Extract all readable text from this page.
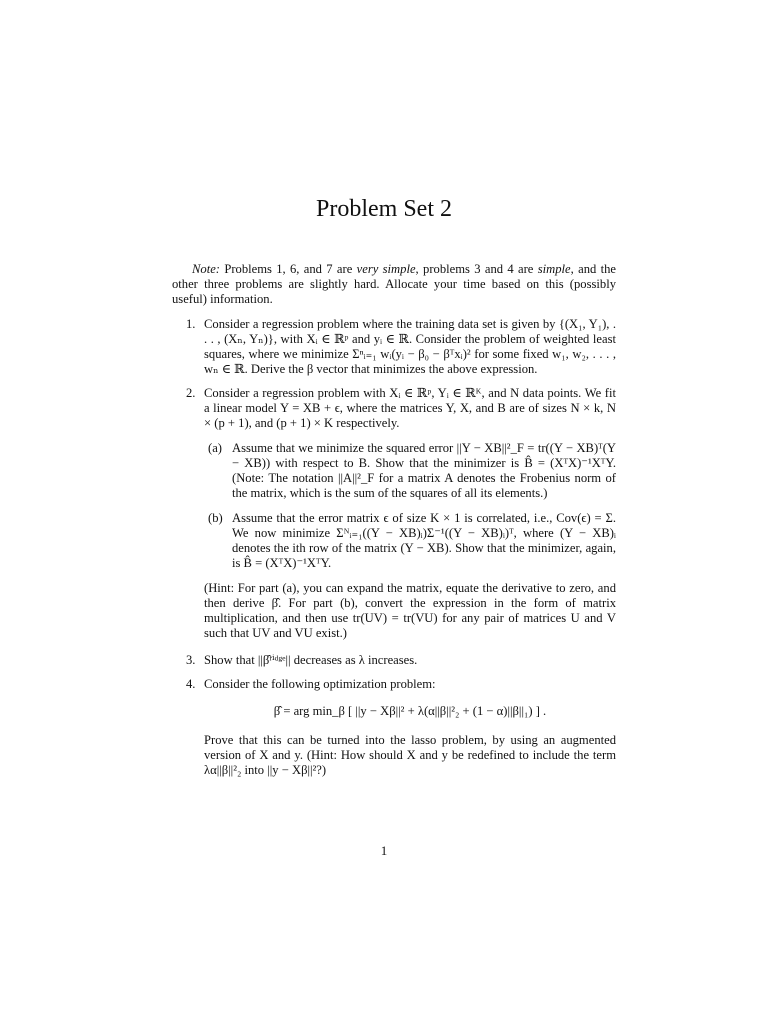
Problem Set 2

Note: Problems 1, 6, and 7 are very simple, problems 3 and 4 are simple, and the other three problems are slightly hard. Allocate your time based on this (possibly useful) information.

1. Consider a regression problem where the training data set is given by {(X₁, Y₁), . . . , (Xₙ, Yₙ)}, with Xᵢ ∈ ℝᵖ and yᵢ ∈ ℝ. Consider the problem of weighted least squares, where we minimize Σⁿᵢ₌₁ wᵢ(yᵢ − β₀ − βᵀxᵢ)² for some fixed w₁, w₂, . . . , wₙ ∈ ℝ. Derive the β vector that minimizes the above expression.
2. Consider a regression problem with Xᵢ ∈ ℝᵖ, Yᵢ ∈ ℝᴷ, and N data points. We fit a linear model Y = XB + ϵ, where the matrices Y, X, and B are of sizes N × k, N × (p + 1), and (p + 1) × K respectively.
(a) Assume that we minimize the squared error ||Y − XB||²_F = tr((Y − XB)ᵀ(Y − XB)) with respect to B. Show that the minimizer is B̂ = (XᵀX)⁻¹XᵀY. (Note: The notation ||A||²_F for a matrix A denotes the Frobenius norm of the matrix, which is the sum of the squares of all its elements.)
(b) Assume that the error matrix ϵ of size K × 1 is correlated, i.e., Cov(ϵ) = Σ. We now minimize Σᴺᵢ₌₁((Y − XB)ᵢ)Σ⁻¹((Y − XB)ᵢ)ᵀ, where (Y − XB)ᵢ denotes the ith row of the matrix (Y − XB). Show that the minimizer, again, is B̂ = (XᵀX)⁻¹XᵀY.
(Hint: For part (a), you can expand the matrix, equate the derivative to zero, and then derive β̂. For part (b), convert the expression in the form of matrix multiplication, and then use tr(UV) = tr(VU) for any pair of matrices U and V such that UV and VU exist.)
3. Show that ||β̂ʳⁱᵈᵍᵉ|| decreases as λ increases.
4. Consider the following optimization problem:
β̂ = arg min_β [ ||y − Xβ||² + λ(α||β||²₂ + (1 − α)||β||₁) ] .
Prove that this can be turned into the lasso problem, by using an augmented version of X and y. (Hint: How should X and y be redefined to include the term λα||β||²₂ into ||y − Xβ||²?)
1
